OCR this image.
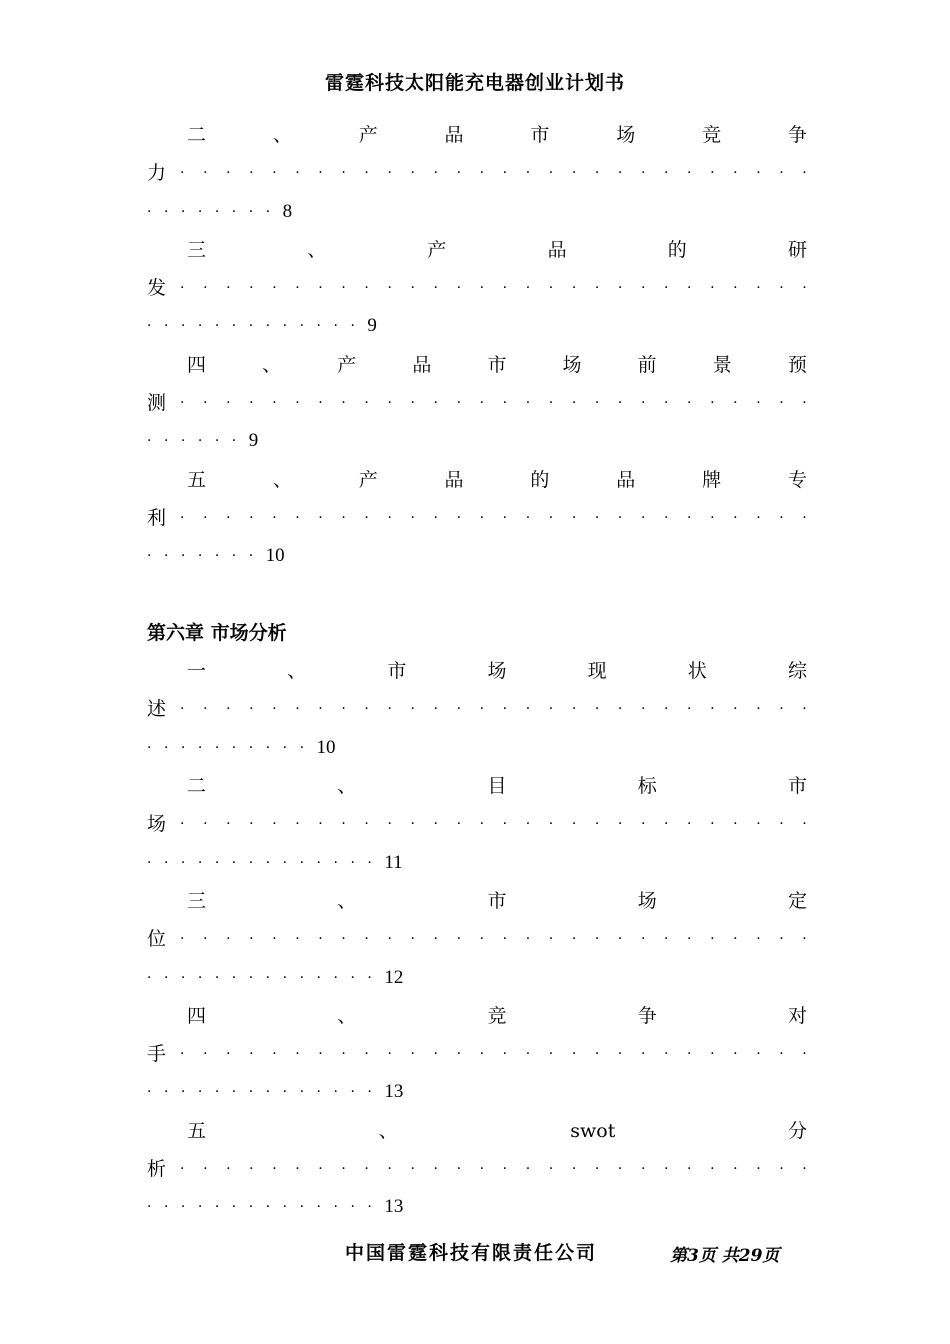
雷霆科技太阳能充电器创业计划书
二	、	产	品	市	场	竞	争
力 · · · · · · · · · · · · · · · · · · · · · · · · · · · ·
· · · · · · · · 8
三	、	产	品	的	研
发 · · · · · · · · · · · · · · · · · · · · · · · · · · · ·
· · · · · · · · · · · · · 9
四	、	产	品	市	场	前	景	预
测 · · · · · · · · · · · · · · · · · · · · · · · · · · · ·
· · · · · · 9
五	、	产	品	的	品	牌	专
利 · · · · · · · · · · · · · · · · · · · · · · · · · · · ·
· · · · · · · 10
第六章 市场分析
一	、	市	场	现	状	综
述 · · · · · · · · · · · · · · · · · · · · · · · · · · · ·
· · · · · · · · · · 10
二	、	目	标	市
场 · · · · · · · · · · · · · · · · · · · · · · · · · · · ·
· · · · · · · · · · · · · · 11
三	、	市	场	定
位 · · · · · · · · · · · · · · · · · · · · · · · · · · · ·
· · · · · · · · · · · · · · 12
四	、	竞	争	对
手 · · · · · · · · · · · · · · · · · · · · · · · · · · · ·
· · · · · · · · · · · · · · 13
五	、	swot	分
析 · · · · · · · · · · · · · · · · · · · · · · · · · · · ·
· · · · · · · · · · · · · · 13
中国雷霆科技有限责任公司	第3页 共29页
